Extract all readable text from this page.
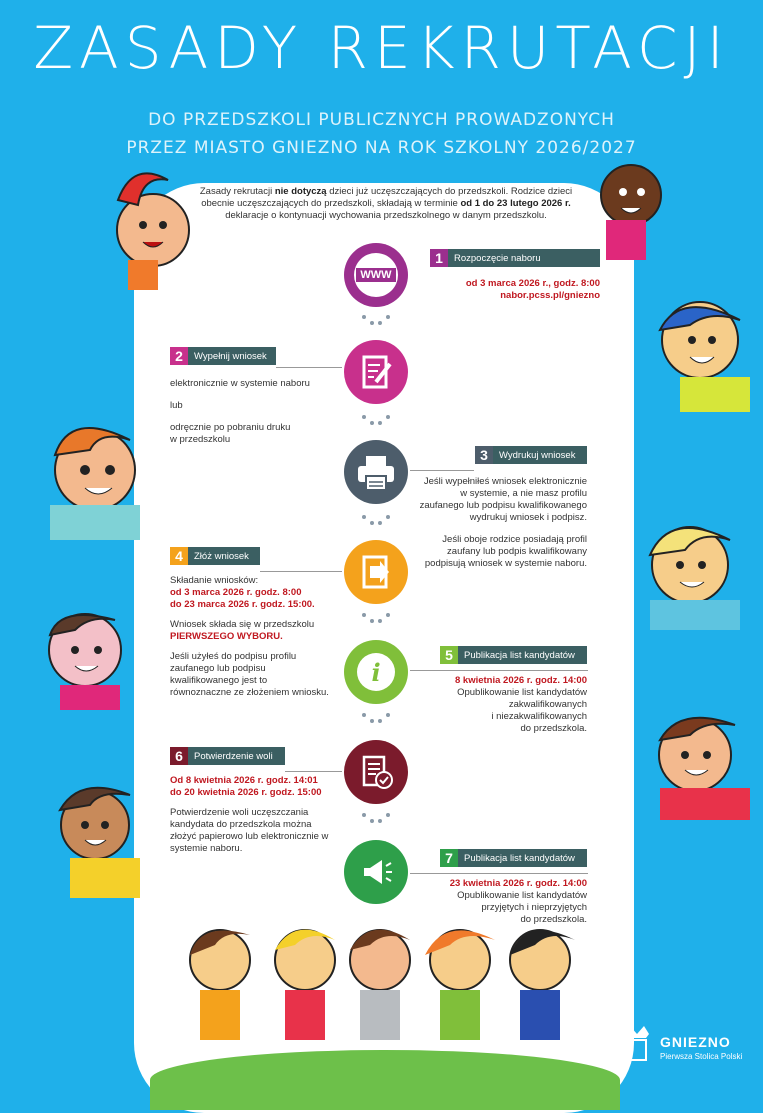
ZASADY REKRUTACJI
DO PRZEDSZKOLI PUBLICZNYCH PROWADZONYCH
PRZEZ MIASTO GNIEZNO NA ROK SZKOLNY 2026/2027
Zasady rekrutacji nie dotyczą dzieci już uczęszczających do przedszkoli. Rodzice dzieci obecnie uczęszczających do przedszkoli, składają w terminie od 1 do 23 lutego 2026 r. deklaracje o kontynuacji wychowania przedszkolnego w danym przedszkolu.
WWW
1	Rozpoczęcie naboru
od 3 marca 2026 r., godz. 8:00
nabor.pcss.pl/gniezno
2	Wypełnij wniosek
elektronicznie w systemie naboru
lub
odręcznie po pobraniu druku
w przedszkolu
3	Wydrukuj wniosek
Jeśli wypełniłeś wniosek elektronicznie w systemie, a nie masz profilu zaufanego lub podpisu kwalifikowanego wydrukuj wniosek i podpisz.
Jeśli oboje rodzice posiadają profil zaufany lub podpis kwalifikowany podpisują wniosek w systemie naboru.
4	Złóż wniosek
Składanie wniosków:
od 3 marca 2026 r. godz. 8:00
do 23 marca 2026 r. godz. 15:00.
Wniosek składa się w przedszkolu
PIERWSZEGO WYBORU.
Jeśli użyłeś do podpisu profilu zaufanego lub podpisu kwalifikowanego jest to równoznaczne ze złożeniem wniosku.
i
5	Publikacja list kandydatów
8 kwietnia 2026 r. godz. 14:00
Opublikowanie list kandydatów
zakwalifikowanych
i niezakwalifikowanych
do przedszkola.
6	Potwierdzenie woli
Od 8 kwietnia 2026 r. godz. 14:01
do 20 kwietnia 2026 r. godz. 15:00
Potwierdzenie woli uczęszczania kandydata do przedszkola można złożyć papierowo lub elektronicznie w systemie naboru.
7	Publikacja list kandydatów
23 kwietnia 2026 r. godz. 14:00
Opublikowanie list kandydatów
przyjętych i nieprzyjętych
do przedszkola.
GNIEZNO
Pierwsza Stolica Polski
